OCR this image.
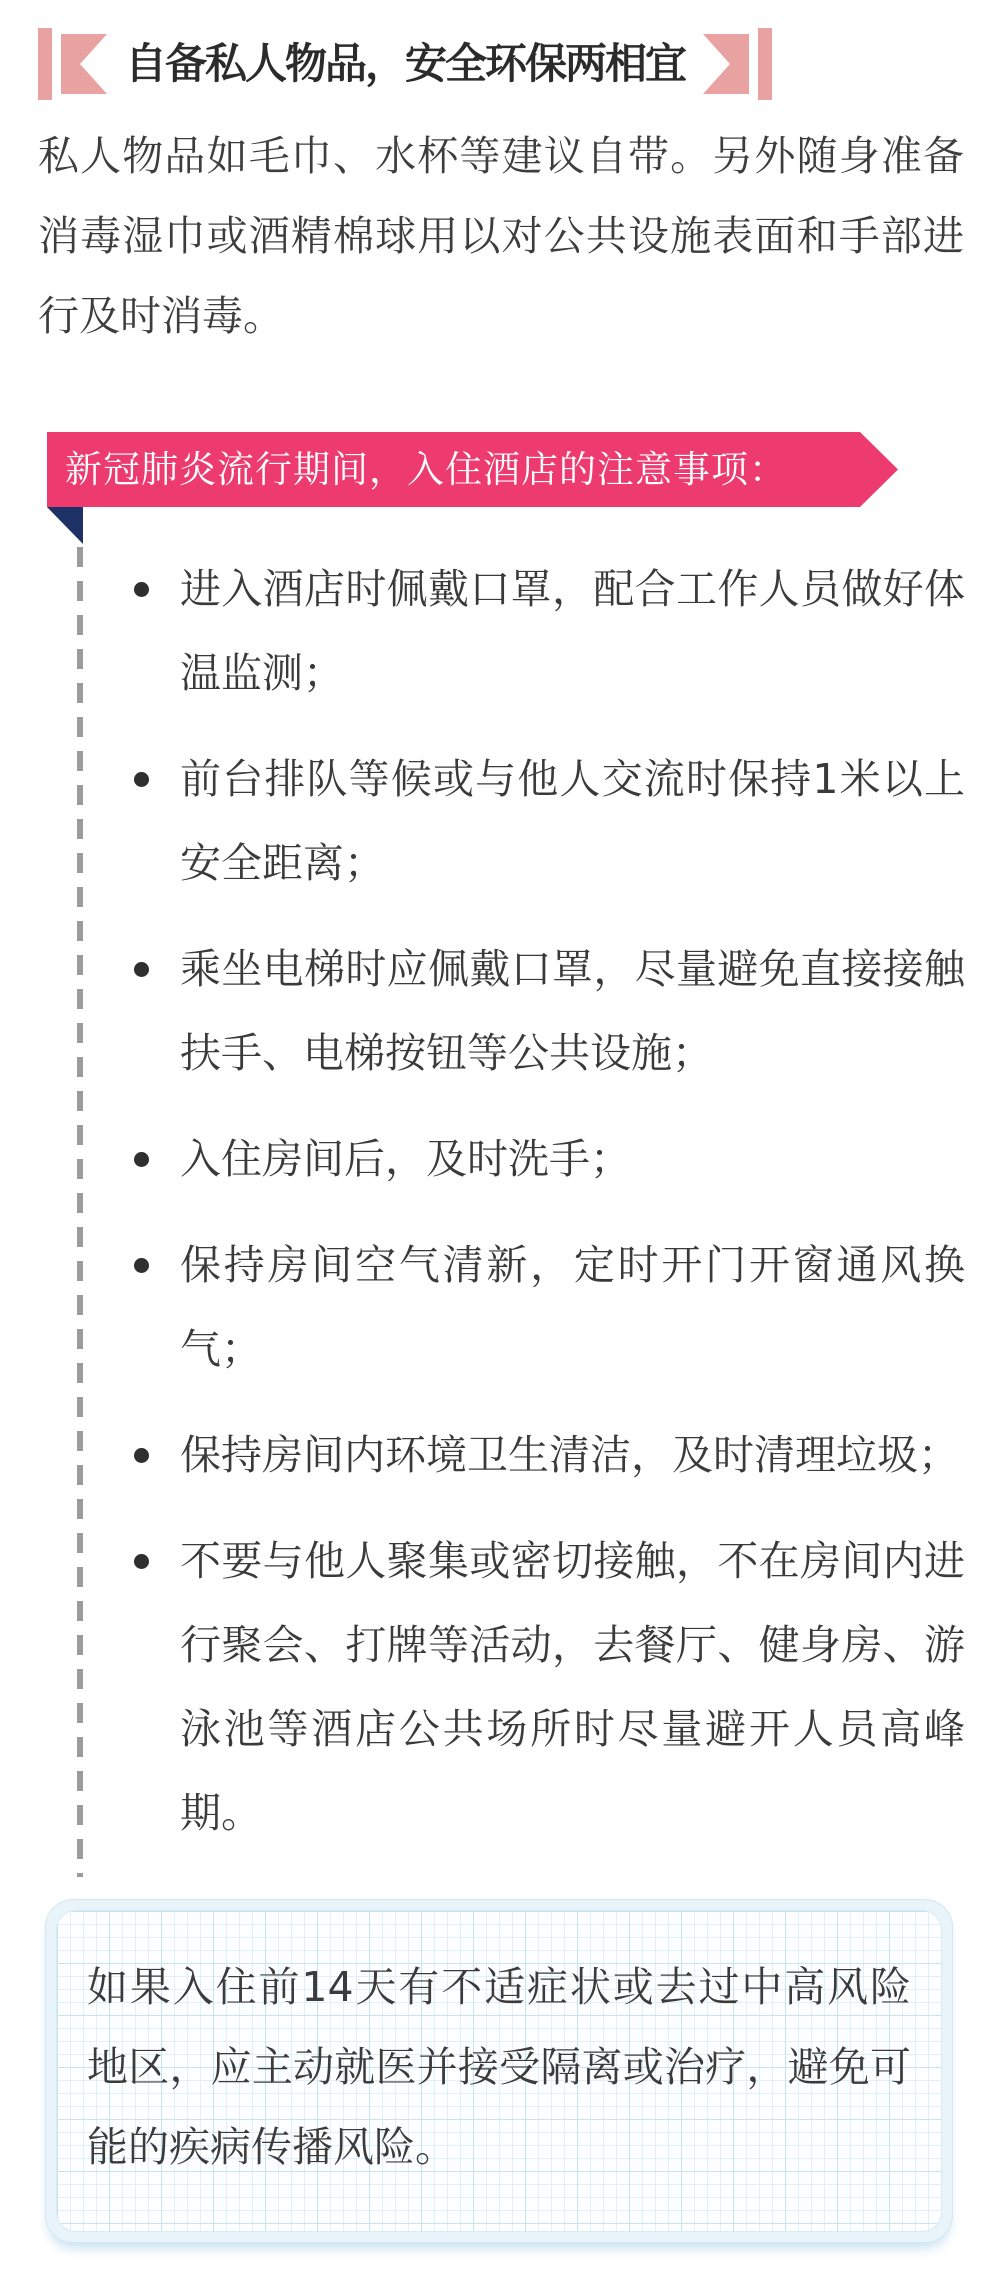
自备私人物品，安全环保两相宜

私人物品如毛巾、水杯等建议自带。另外随身准备消毒湿巾或酒精棉球用以对公共设施表面和手部进行及时消毒。

新冠肺炎流行期间，入住酒店的注意事项：
进入酒店时佩戴口罩，配合工作人员做好体温监测；
前台排队等候或与他人交流时保持1米以上安全距离；
乘坐电梯时应佩戴口罩，尽量避免直接接触扶手、电梯按钮等公共设施；
入住房间后，及时洗手；
保持房间空气清新，定时开门开窗通风换气；
保持房间内环境卫生清洁，及时清理垃圾；
不要与他人聚集或密切接触，不在房间内进行聚会、打牌等活动，去餐厅、健身房、游泳池等酒店公共场所时尽量避开人员高峰期。

如果入住前14天有不适症状或去过中高风险地区，应主动就医并接受隔离或治疗，避免可能的疾病传播风险。
